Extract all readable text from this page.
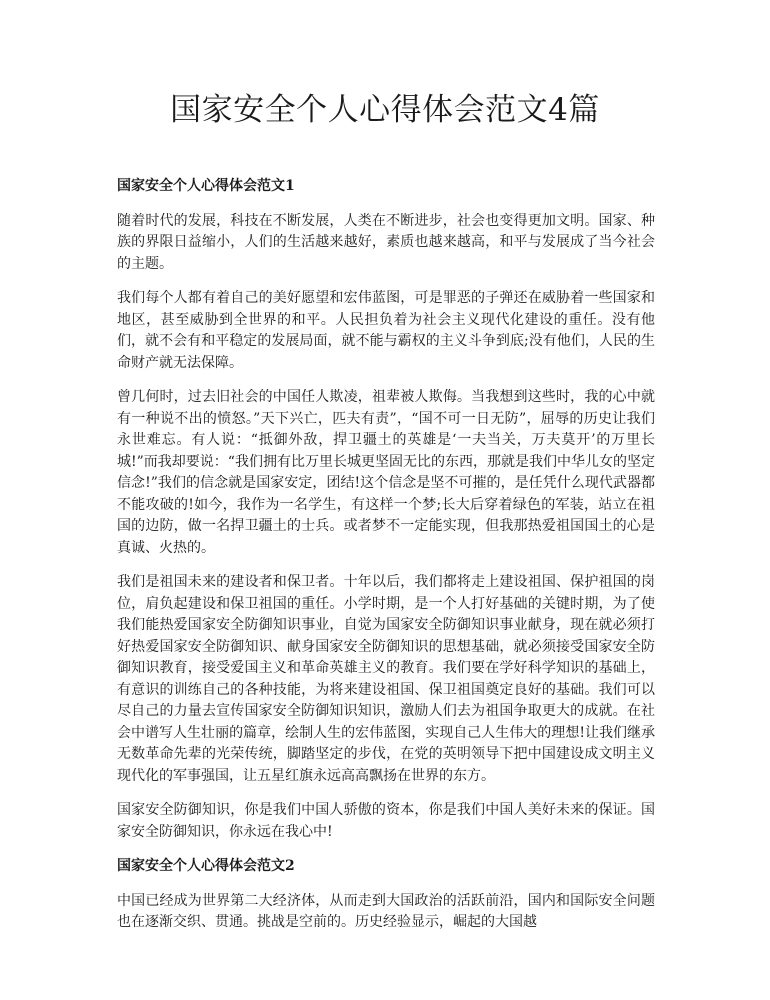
国家安全个人心得体会范文4篇
国家安全个人心得体会范文1

随着时代的发展，科技在不断发展，人类在不断进步，社会也变得更加文明。国家、种族的界限日益缩小，人们的生活越来越好，素质也越来越高，和平与发展成了当今社会的主题。

我们每个人都有着自己的美好愿望和宏伟蓝图，可是罪恶的子弹还在威胁着一些国家和地区，甚至威胁到全世界的和平。人民担负着为社会主义现代化建设的重任。没有他们，就不会有和平稳定的发展局面，就不能与霸权的主义斗争到底;没有他们，人民的生命财产就无法保障。

曾几何时，过去旧社会的中国任人欺凌，祖辈被人欺侮。当我想到这些时，我的心中就有一种说不出的愤怒。”天下兴亡，匹夫有责”，“国不可一日无防”，屈辱的历史让我们永世难忘。有人说：“抵御外敌，捍卫疆土的英雄是‘一夫当关，万夫莫开’的万里长城!”而我却要说：“我们拥有比万里长城更坚固无比的东西，那就是我们中华儿女的坚定信念!”我们的信念就是国家安定，团结!这个信念是坚不可摧的，是任凭什么现代武器都不能攻破的!如今，我作为一名学生，有这样一个梦;长大后穿着绿色的军装，站立在祖国的边防，做一名捍卫疆土的士兵。或者梦不一定能实现，但我那热爱祖国国土的心是真诚、火热的。

我们是祖国未来的建设者和保卫者。十年以后，我们都将走上建设祖国、保护祖国的岗位，肩负起建设和保卫祖国的重任。小学时期，是一个人打好基础的关键时期，为了使我们能热爱国家安全防御知识事业，自觉为国家安全防御知识事业献身，现在就必须打好热爱国家安全防御知识、献身国家安全防御知识的思想基础，就必须接受国家安全防御知识教育，接受爱国主义和革命英雄主义的教育。我们要在学好科学知识的基础上，有意识的训练自己的各种技能，为将来建设祖国、保卫祖国奠定良好的基础。我们可以尽自己的力量去宣传国家安全防御知识知识，激励人们去为祖国争取更大的成就。在社会中谱写人生壮丽的篇章，绘制人生的宏伟蓝图，实现自己人生伟大的理想!让我们继承无数革命先辈的光荣传统，脚踏坚定的步伐，在党的英明领导下把中国建设成文明主义现代化的军事强国，让五星红旗永远高高飘扬在世界的东方。

国家安全防御知识，你是我们中国人骄傲的资本，你是我们中国人美好未来的保证。国家安全防御知识，你永远在我心中!

国家安全个人心得体会范文2

中国已经成为世界第二大经济体，从而走到大国政治的活跃前沿，国内和国际安全问题也在逐渐交织、贯通。挑战是空前的。历史经验显示，崛起的大国越
